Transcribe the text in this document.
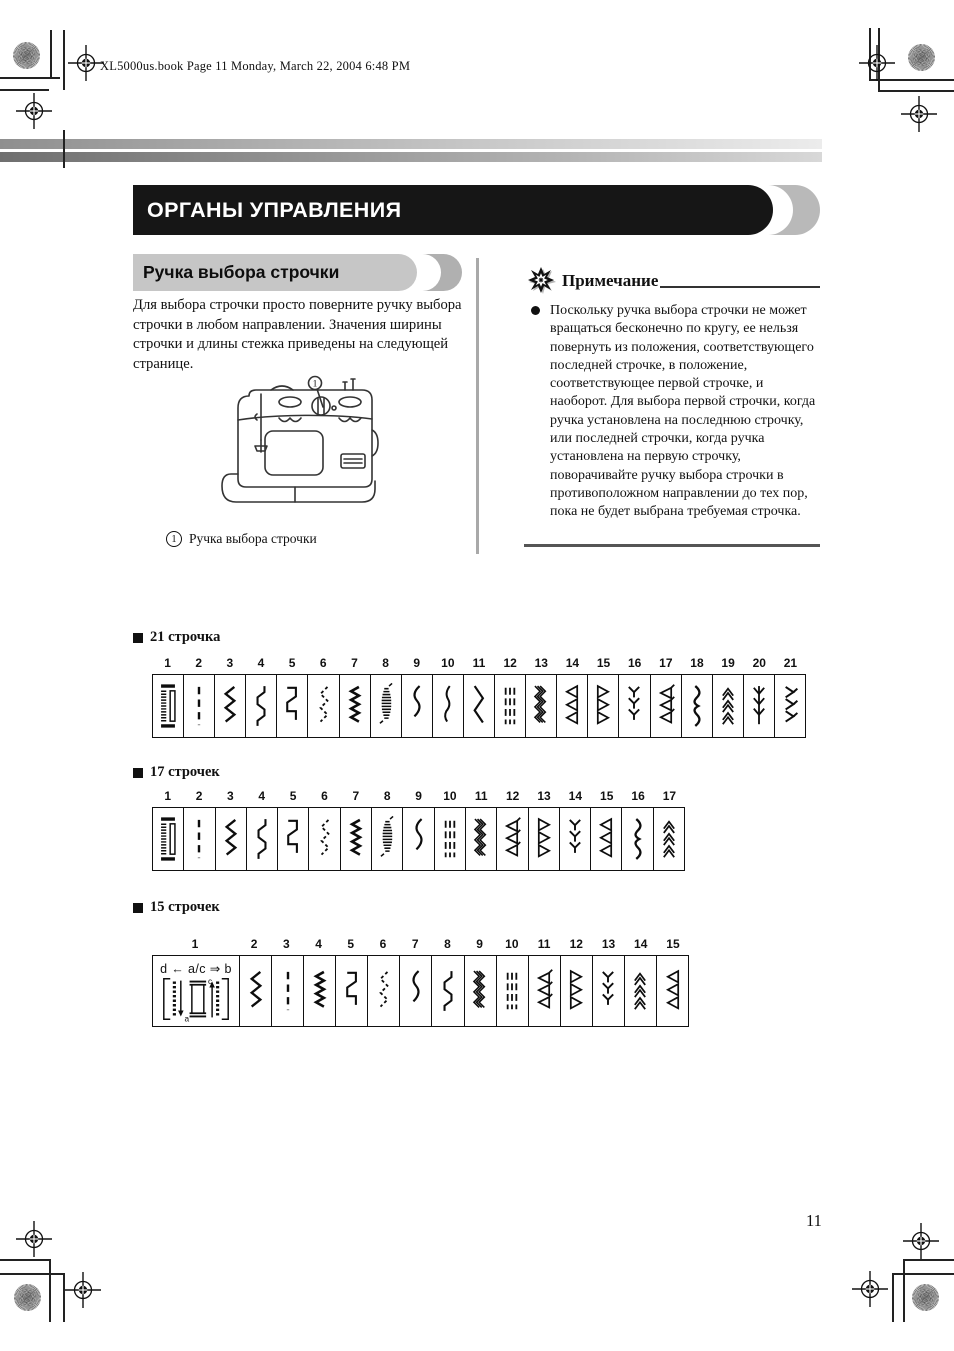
XL5000us.book Page 11 Monday, March 22, 2004 6:48 PM
ОРГАНЫ УПРАВЛЕНИЯ
Ручка выбора строчки
Для выбора строчки просто поверните ручку выбора строчки в любом направлении. Значения ширины строчки и длины стежка приведены на следующей странице.
1
1 Ручка выбора строчки
Примечание
Поскольку ручка выбора строчки не может вращаться бесконечно по кругу, ее нельзя повернуть из положения, соответствующего последней строчке, в положение, соответствующее первой строчке, и наоборот. Для выбора первой строчки, когда ручка установлена на последнюю строчку, или последней строчки, когда ручка установлена на первую строчку, поворачивайте ручку выбора строчки в противоположном направлении до тех пор, пока не будет выбрана требуемая строчка.
21 строчка
17 строчек
15 строчек
1	2	3	4	5	6	7	8	9	10	11	12	13	14	15	16	17	18	19	20	21
1	2	3	4	5	6	7	8	9	10	11	12	13	14	15	16	17
1	2	3	4	5	6	7	8	9	10	11	12	13	14	15
d ← a/c ⇒ b
c
a
11
